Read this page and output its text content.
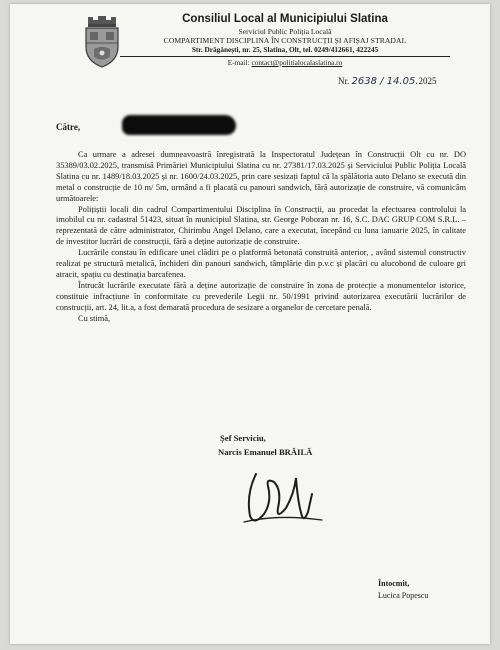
Consiliul Local al Municipiului Slatina
Serviciul Public Poliția Locală
COMPARTIMENT DISCIPLINA ÎN CONSTRUCȚII ȘI AFIȘAJ STRADAL
Str. Drăgănești, nr. 25, Slatina, Olt, tel. 0249/412661, 422245
E-mail: contact@politialocalaslatina.ro
Nr. 2638 / 14.05.2025
Către,

Ca urmare a adresei dumneavoastră înregistrată la Inspectoratul Județean în Construcții Olt cu nr. DO 35389/03.02.2025, transmisă Primăriei Municipiului Slatina cu nr. 27381/17.03.2025 și Serviciului Public Poliția Locală Slatina cu nr. 1489/18.03.2025 și nr. 1600/24.03.2025, prin care sesizați faptul că la spălătoria auto Delano se execută din metal o construcție de 10 m/ 5m, urmând a fi placată cu panouri sandwich, fără autorizație de construire, vă comunicăm următoarele:

Polițiștii locali din cadrul Compartimentului Disciplina în Construcții, au procedat la efectuarea controlului la imobilul cu nr. cadastral 51423, situat în municipiul Slatina, str. George Poboran nr. 16, S.C. DAC GRUP COM S.R.L. –reprezentată de către administrator, Chirimbu Angel Delano, care a executat, începând cu luna ianuarie 2025, în calitate de investitor lucrări de construcții, fără a deține autorizație de construire.

Lucrările constau în edificare unei clădiri pe o platformă betonată construită anterior, , având sistemul constructiv realizat pe structură metalică, închideri din panouri sandwich, tâmplărie din p.v.c și placări cu alucobond de culoare gri atracit, spațiu cu destinația barcafenea.

Întrucât lucrările executate fără a deține autorizație de construire în zona de protecție a monumentelor istorice, constituie infracțiune în conformitate cu prevederile Legii nr. 50/1991 privind autorizarea executării lucrărilor de construcții, art. 24, lit.a, a fost demarată procedura de sesizare a organelor de cercetare penală.

Cu stimă,

Șef Serviciu,
Narcis Emanuel BRĂILĂ
Întocmit,
Lucica Popescu
